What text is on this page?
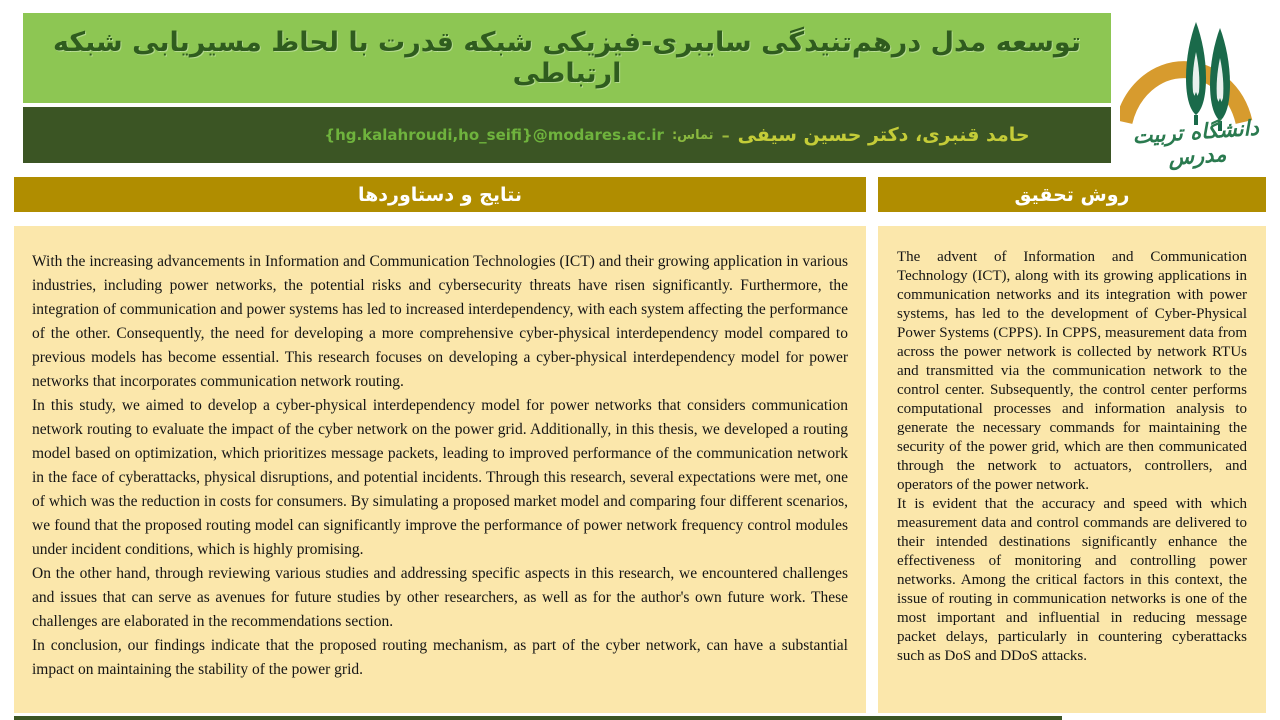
توسعه مدل درهم‌تنیدگی سایبری-فیزیکی شبکه قدرت با لحاظ مسیریابی شبکه ارتباطی
دانشگاه تربیت مدرس
حامد قنبری، دکتر حسین سیفی
–
تماس:
{hg.kalahroudi,ho_seifi}@modares.ac.ir
نتایج و دستاوردها

With the increasing advancements in Information and Communication Technologies (ICT) and their growing application in various industries, including power networks, the potential risks and cybersecurity threats have risen significantly. Furthermore, the integration of communication and power systems has led to increased interdependency, with each system affecting the performance of the other. Consequently, the need for developing a more comprehensive cyber-physical interdependency model compared to previous models has become essential. This research focuses on developing a cyber-physical interdependency model for power networks that incorporates communication network routing.

In this study, we aimed to develop a cyber-physical interdependency model for power networks that considers communication network routing to evaluate the impact of the cyber network on the power grid. Additionally, in this thesis, we developed a routing model based on optimization, which prioritizes message packets, leading to improved performance of the communication network in the face of cyberattacks, physical disruptions, and potential incidents. Through this research, several expectations were met, one of which was the reduction in costs for consumers. By simulating a proposed market model and comparing four different scenarios, we found that the proposed routing model can significantly improve the performance of power network frequency control modules under incident conditions, which is highly promising.

On the other hand, through reviewing various studies and addressing specific aspects in this research, we encountered challenges and issues that can serve as avenues for future studies by other researchers, as well as for the author's own future work. These challenges are elaborated in the recommendations section.

In conclusion, our findings indicate that the proposed routing mechanism, as part of the cyber network, can have a substantial impact on maintaining the stability of the power grid.

روش تحقیق

The advent of Information and Communication Technology (ICT), along with its growing applications in communication networks and its integration with power systems, has led to the development of Cyber-Physical Power Systems (CPPS). In CPPS, measurement data from across the power network is collected by network RTUs and transmitted via the communication network to the control center. Subsequently, the control center performs computational processes and information analysis to generate the necessary commands for maintaining the security of the power grid, which are then communicated through the network to actuators, controllers, and operators of the power network.

It is evident that the accuracy and speed with which measurement data and control commands are delivered to their intended destinations significantly enhance the effectiveness of monitoring and controlling power networks. Among the critical factors in this context, the issue of routing in communication networks is one of the most important and influential in reducing message packet delays, particularly in countering cyberattacks such as DoS and DDoS attacks.
